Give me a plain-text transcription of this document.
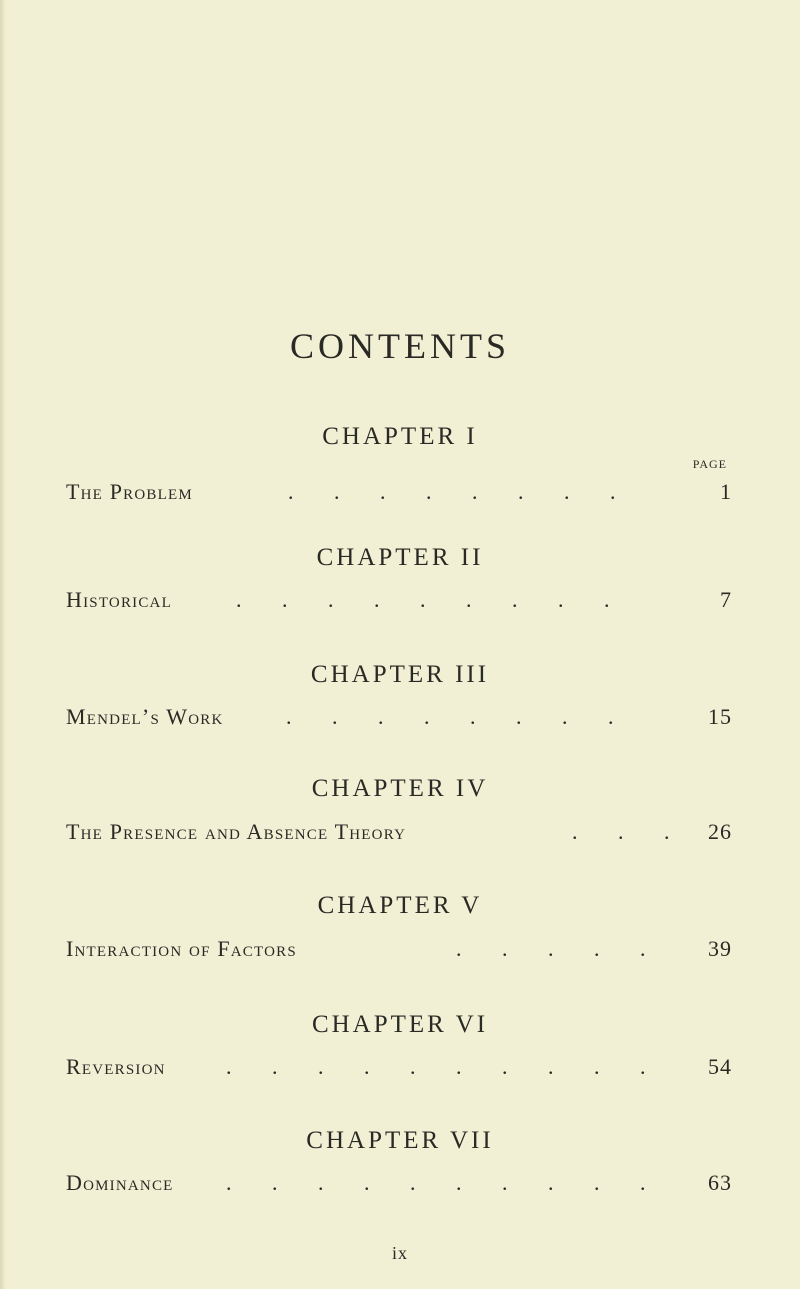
CONTENTS
CHAPTER I
PAGE
The Problem	. . . . . . . .	1
CHAPTER II
Historical	. . . . . . . . .	7
CHAPTER III
Mendel’s Work	. . . . . . . .	15
CHAPTER IV
The Presence and Absence Theory	. . .	26
CHAPTER V
Interaction of Factors	. . . . .	39
CHAPTER VI
Reversion	. . . . . . . . . .	54
CHAPTER VII
Dominance . . . . . . . . . .	63
ix
